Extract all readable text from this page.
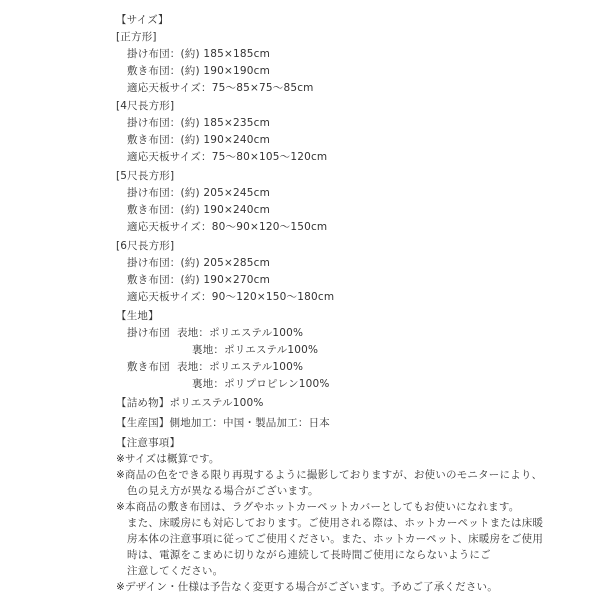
【サイズ】
[正方形]
掛け布団：(約) 185×185cm
敷き布団：(約) 190×190cm
適応天板サイズ：75～85×75～85cm
[4尺長方形]
掛け布団：(約) 185×235cm
敷き布団：(約) 190×240cm
適応天板サイズ：75～80×105～120cm
[5尺長方形]
掛け布団：(約) 205×245cm
敷き布団：(約) 190×240cm
適応天板サイズ：80～90×120～150cm
[6尺長方形]
掛け布団：(約) 205×285cm
敷き布団：(約) 190×270cm
適応天板サイズ：90～120×150～180cm
【生地】
掛け布団 表地：ポリエステル100%
裏地：ポリエステル100%
敷き布団 表地：ポリエステル100%
裏地：ポリプロピレン100%
【詰め物】ポリエステル100%
【生産国】側地加工：中国・製品加工：日本
【注意事項】
※サイズは概算です。
※商品の色をできる限り再現するように撮影しておりますが、お使いのモニターにより、
色の見え方が異なる場合がございます。
※本商品の敷き布団は、ラグやホットカーペットカバーとしてもお使いになれます。
また、床暖房にも対応しております。ご使用される際は、ホットカーペットまたは床暖
房本体の注意事項に従ってご使用ください。また、ホットカーペット、床暖房をご使用
時は、電源をこまめに切りながら連続して長時間ご使用にならないようにご
注意してください。
※デザイン・仕様は予告なく変更する場合がございます。予めご了承ください。
